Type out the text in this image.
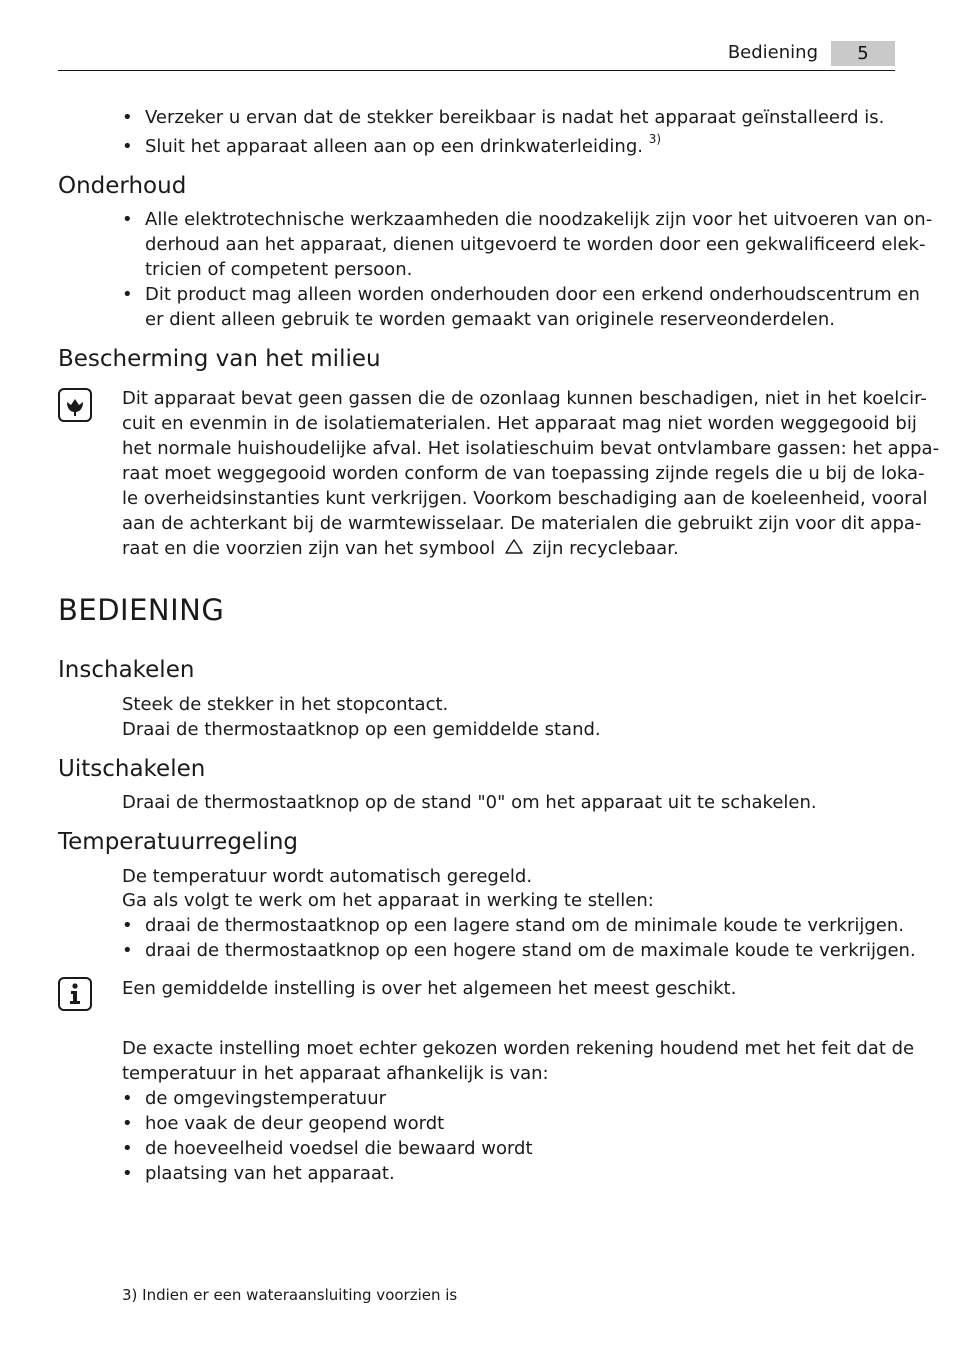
Bediening	5
• Verzeker u ervan dat de stekker bereikbaar is nadat het apparaat geïnstalleerd is.
• Sluit het apparaat alleen aan op een drinkwaterleiding. $^{3)}$
Onderhoud
• Alle elektrotechnische werkzaamheden die noodzakelijk zijn voor het uitvoeren van on-
derhoud aan het apparaat, dienen uitgevoerd te worden door een gekwalificeerd elek-
tricien of competent persoon.
• Dit product mag alleen worden onderhouden door een erkend onderhoudscentrum en
er dient alleen gebruik te worden gemaakt van originele reserveonderdelen.
Bescherming van het milieu
Dit apparaat bevat geen gassen die de ozonlaag kunnen beschadigen, niet in het koelcir-
cuit en evenmin in de isolatiematerialen. Het apparaat mag niet worden weggegooid bij
het normale huishoudelijke afval. Het isolatieschuim bevat ontvlambare gassen: het appa-
raat moet weggegooid worden conform de van toepassing zijnde regels die u bij de loka-
le overheidsinstanties kunt verkrijgen. Voorkom beschadiging aan de koeleenheid, vooral
aan de achterkant bij de warmtewisselaar. De materialen die gebruikt zijn voor dit appa-
raat en die voorzien zijn van het symbool zijn recyclebaar.
BEDIENING
Inschakelen
Steek de stekker in het stopcontact.
Draai de thermostaatknop op een gemiddelde stand.
Uitschakelen
Draai de thermostaatknop op de stand "0" om het apparaat uit te schakelen.
Temperatuurregeling
De temperatuur wordt automatisch geregeld.
Ga als volgt te werk om het apparaat in werking te stellen:
• draai de thermostaatknop op een lagere stand om de minimale koude te verkrijgen.
• draai de thermostaatknop op een hogere stand om de maximale koude te verkrijgen.
Een gemiddelde instelling is over het algemeen het meest geschikt.
De exacte instelling moet echter gekozen worden rekening houdend met het feit dat de
temperatuur in het apparaat afhankelijk is van:
• de omgevingstemperatuur
• hoe vaak de deur geopend wordt
• de hoeveelheid voedsel die bewaard wordt
• plaatsing van het apparaat.
3) Indien er een wateraansluiting voorzien is
